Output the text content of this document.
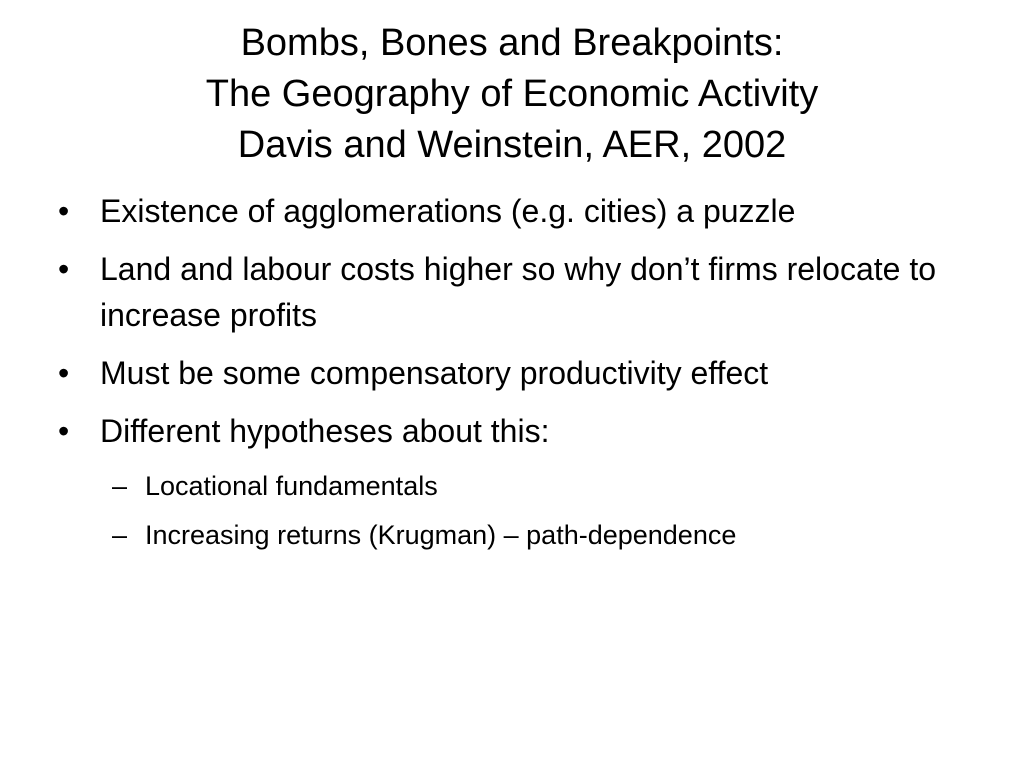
Bombs, Bones and Breakpoints:
The Geography of Economic Activity
Davis and Weinstein, AER, 2002
• Existence of agglomerations (e.g. cities) a puzzle
• Land and labour costs higher so why don’t firms relocate to increase profits
• Must be some compensatory productivity effect
• Different hypotheses about this:
– Locational fundamentals
– Increasing returns (Krugman) – path-dependence
